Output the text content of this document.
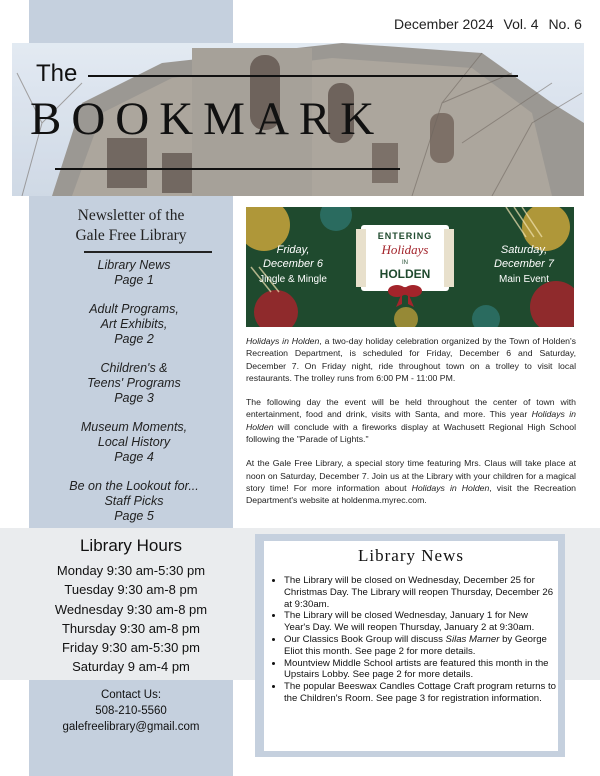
December 2024 Vol. 4 No. 6
The
BOOKMARK
Newsletter of the
Gale Free Library
Library News
Page 1
Adult Programs,
Art Exhibits,
Page 2
Children's &
Teens' Programs
Page 3
Museum Moments,
Local History
Page 4
Be on the Lookout for...
Staff Picks
Page 5
Friday,
December 6
Jingle & Mingle
ENTERING
Holidays
IN
HOLDEN
Saturday,
December 7
Main Event

Holidays in Holden, a two-day holiday celebration organized by the Town of Holden's Recreation Department, is scheduled for Friday, December 6 and Saturday, December 7. On Friday night, ride throughout town on a trolley to visit local restaurants. The trolley runs from 6:00 PM - 11:00 PM.

The following day the event will be held throughout the center of town with entertainment, food and drink, visits with Santa, and more. This year Holidays in Holden will conclude with a fireworks display at Wachusett Regional High School following the "Parade of Lights."

At the Gale Free Library, a special story time featuring Mrs. Claus will take place at noon on Saturday, December 7. Join us at the Library with your children for a magical story time! For more information about Holidays in Holden, visit the Recreation Department's website at holdenma.myrec.com.

Library Hours
Monday 9:30 am-5:30 pm
Tuesday 9:30 am-8 pm
Wednesday 9:30 am-8 pm
Thursday 9:30 am-8 pm
Friday 9:30 am-5:30 pm
Saturday 9 am-4 pm
Contact Us:
508-210-5560
galefreelibrary@gmail.com
Library News
• The Library will be closed on Wednesday, December 25 for Christmas Day. The Library will reopen Thursday, December 26 at 9:30am.
• The Library will be closed Wednesday, January 1 for New Year's Day. We will reopen Thursday, January 2 at 9:30am.
• Our Classics Book Group will discuss Silas Marner by George Eliot this month. See page 2 for more details.
• Mountview Middle School artists are featured this month in the Upstairs Lobby. See page 2 for more details.
• The popular Beeswax Candles Cottage Craft program returns to the Children's Room. See page 3 for registration information.
